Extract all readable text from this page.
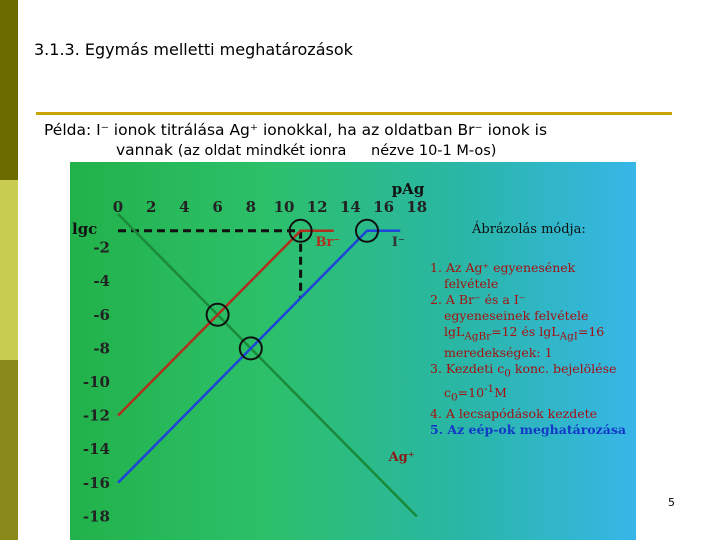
3.1.3. Egymás melletti meghatározások
Példa: I⁻ ionok titrálása Ag⁺ ionokkal, ha az oldatban Br⁻ ionok is
vannak (az oldat mindkét ionra nézve 10-1 M-os)
0 2 4 6 8 10 12 14 16 18
-2
-4
-6
-8
-10
-12
-14
-16
-18
pAg
lgc
Br⁻	I⁻
Ag⁺
Ábrázolás módja:
1. Az Ag⁺ egyenesének
felvétele
2. A Br⁻ és a I⁻
egyeneseinek felvétele
lgL$_{AgBr}$=12 és lgL$_{AgI}$=16
meredekségek: 1
3. Kezdeti $c_0$ konc. bejelölése
$c_0=10^{-1}M$
4. A lecsapódások kezdete
5. Az eép-ok meghatározása
5
